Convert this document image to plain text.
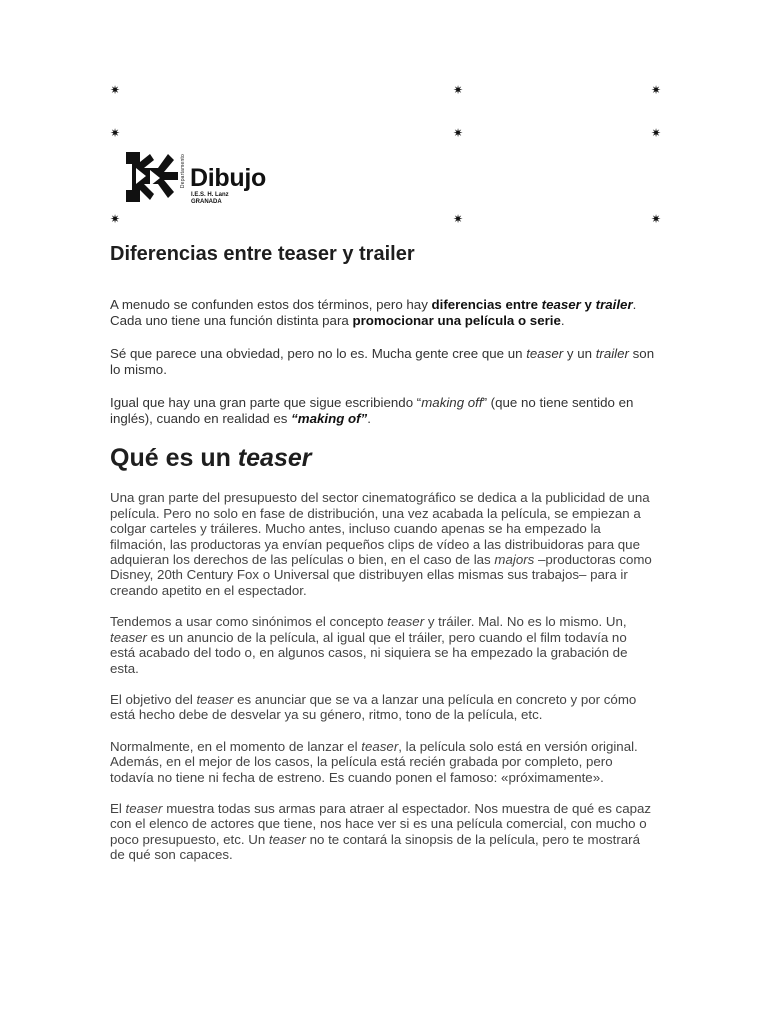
✷	✷	✷
✷	✷	✷
✷	✷	✷
Departamento Dibujo
I.E.S. H. Lanz
GRANADA
Diferencias entre teaser y trailer

A menudo se confunden estos dos términos, pero hay diferencias entre teaser y trailer. Cada uno tiene una función distinta para promocionar una película o serie.

Sé que parece una obviedad, pero no lo es. Mucha gente cree que un teaser y un trailer son lo mismo.

Igual que hay una gran parte que sigue escribiendo “making off” (que no tiene sentido en inglés), cuando en realidad es “making of”.

Qué es un teaser

Una gran parte del presupuesto del sector cinematográfico se dedica a la publicidad de una película. Pero no solo en fase de distribución, una vez acabada la película, se empiezan a colgar carteles y tráileres. Mucho antes, incluso cuando apenas se ha empezado la filmación, las productoras ya envían pequeños clips de vídeo a las distribuidoras para que adquieran los derechos de las películas o bien, en el caso de las majors –productoras como Disney, 20th Century Fox o Universal que distribuyen ellas mismas sus trabajos– para ir creando apetito en el espectador.

Tendemos a usar como sinónimos el concepto teaser y tráiler. Mal. No es lo mismo. Un, teaser es un anuncio de la película, al igual que el tráiler, pero cuando el film todavía no está acabado del todo o, en algunos casos, ni siquiera se ha empezado la grabación de esta.

El objetivo del teaser es anunciar que se va a lanzar una película en concreto y por cómo está hecho debe de desvelar ya su género, ritmo, tono de la película, etc.

Normalmente, en el momento de lanzar el teaser, la película solo está en versión original. Además, en el mejor de los casos, la película está recién grabada por completo, pero todavía no tiene ni fecha de estreno. Es cuando ponen el famoso: «próximamente».

El teaser muestra todas sus armas para atraer al espectador. Nos muestra de qué es capaz con el elenco de actores que tiene, nos hace ver si es una película comercial, con mucho o poco presupuesto, etc. Un teaser no te contará la sinopsis de la película, pero te mostrará de qué son capaces.
